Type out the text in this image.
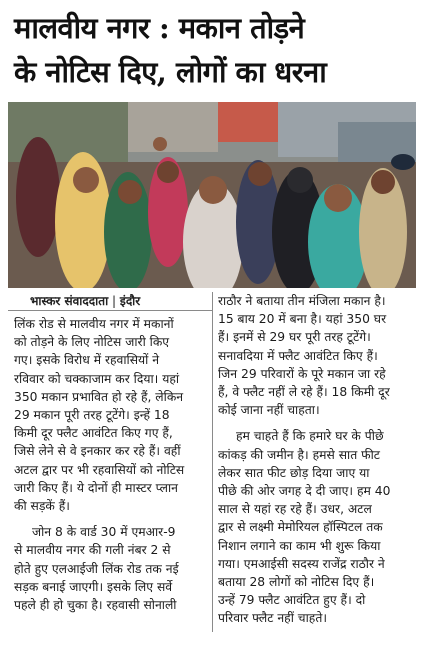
मालवीय नगर : मकान तोड़ने
के नोटिस दिए, लोगों का धरना
भास्कर संवाददाता | इंदौर

लिंक रोड से मालवीय नगर में मकानों
को तोड़ने के लिए नोटिस जारी किए
गए। इसके विरोध में रहवासियों ने
रविवार को चक्काजाम कर दिया। यहां
350 मकान प्रभावित हो रहे हैं, लेकिन
29 मकान पूरी तरह टूटेंगे। इन्हें 18
किमी दूर फ्लैट आवंटित किए गए हैं,
जिसे लेने से वे इनकार कर रहे हैं। वहीं
अटल द्वार पर भी रहवासियों को नोटिस
जारी किए हैं। ये दोनों ही मास्टर प्लान
की सड़कें हैं।

जोन 8 के वार्ड 30 में एमआर-9
से मालवीय नगर की गली नंबर 2 से
होते हुए एलआईजी लिंक रोड तक नई
सड़क बनाई जाएगी। इसके लिए सर्वे
पहले ही हो चुका है। रहवासी सोनाली

राठौर ने बताया तीन मंजिला मकान है।
15 बाय 20 में बना है। यहां 350 घर
हैं। इनमें से 29 घर पूरी तरह टूटेंगे।
सनावदिया में फ्लैट आवंटित किए हैं।
जिन 29 परिवारों के पूरे मकान जा रहे
हैं, वे फ्लैट नहीं ले रहे हैं। 18 किमी दूर
कोई जाना नहीं चाहता।

हम चाहते हैं कि हमारे घर के पीछे
कांकड़ की जमीन है। हमसे सात फीट
लेकर सात फीट छोड़ दिया जाए या
पीछे की ओर जगह दे दी जाए। हम 40
साल से यहां रह रहे हैं। उधर, अटल
द्वार से लक्ष्मी मेमोरियल हॉस्पिटल तक
निशान लगाने का काम भी शुरू किया
गया। एमआईसी सदस्य राजेंद्र राठौर ने
बताया 28 लोगों को नोटिस दिए हैं।
उन्हें 79 फ्लैट आवंटित हुए हैं। दो
परिवार फ्लैट नहीं चाहते।
